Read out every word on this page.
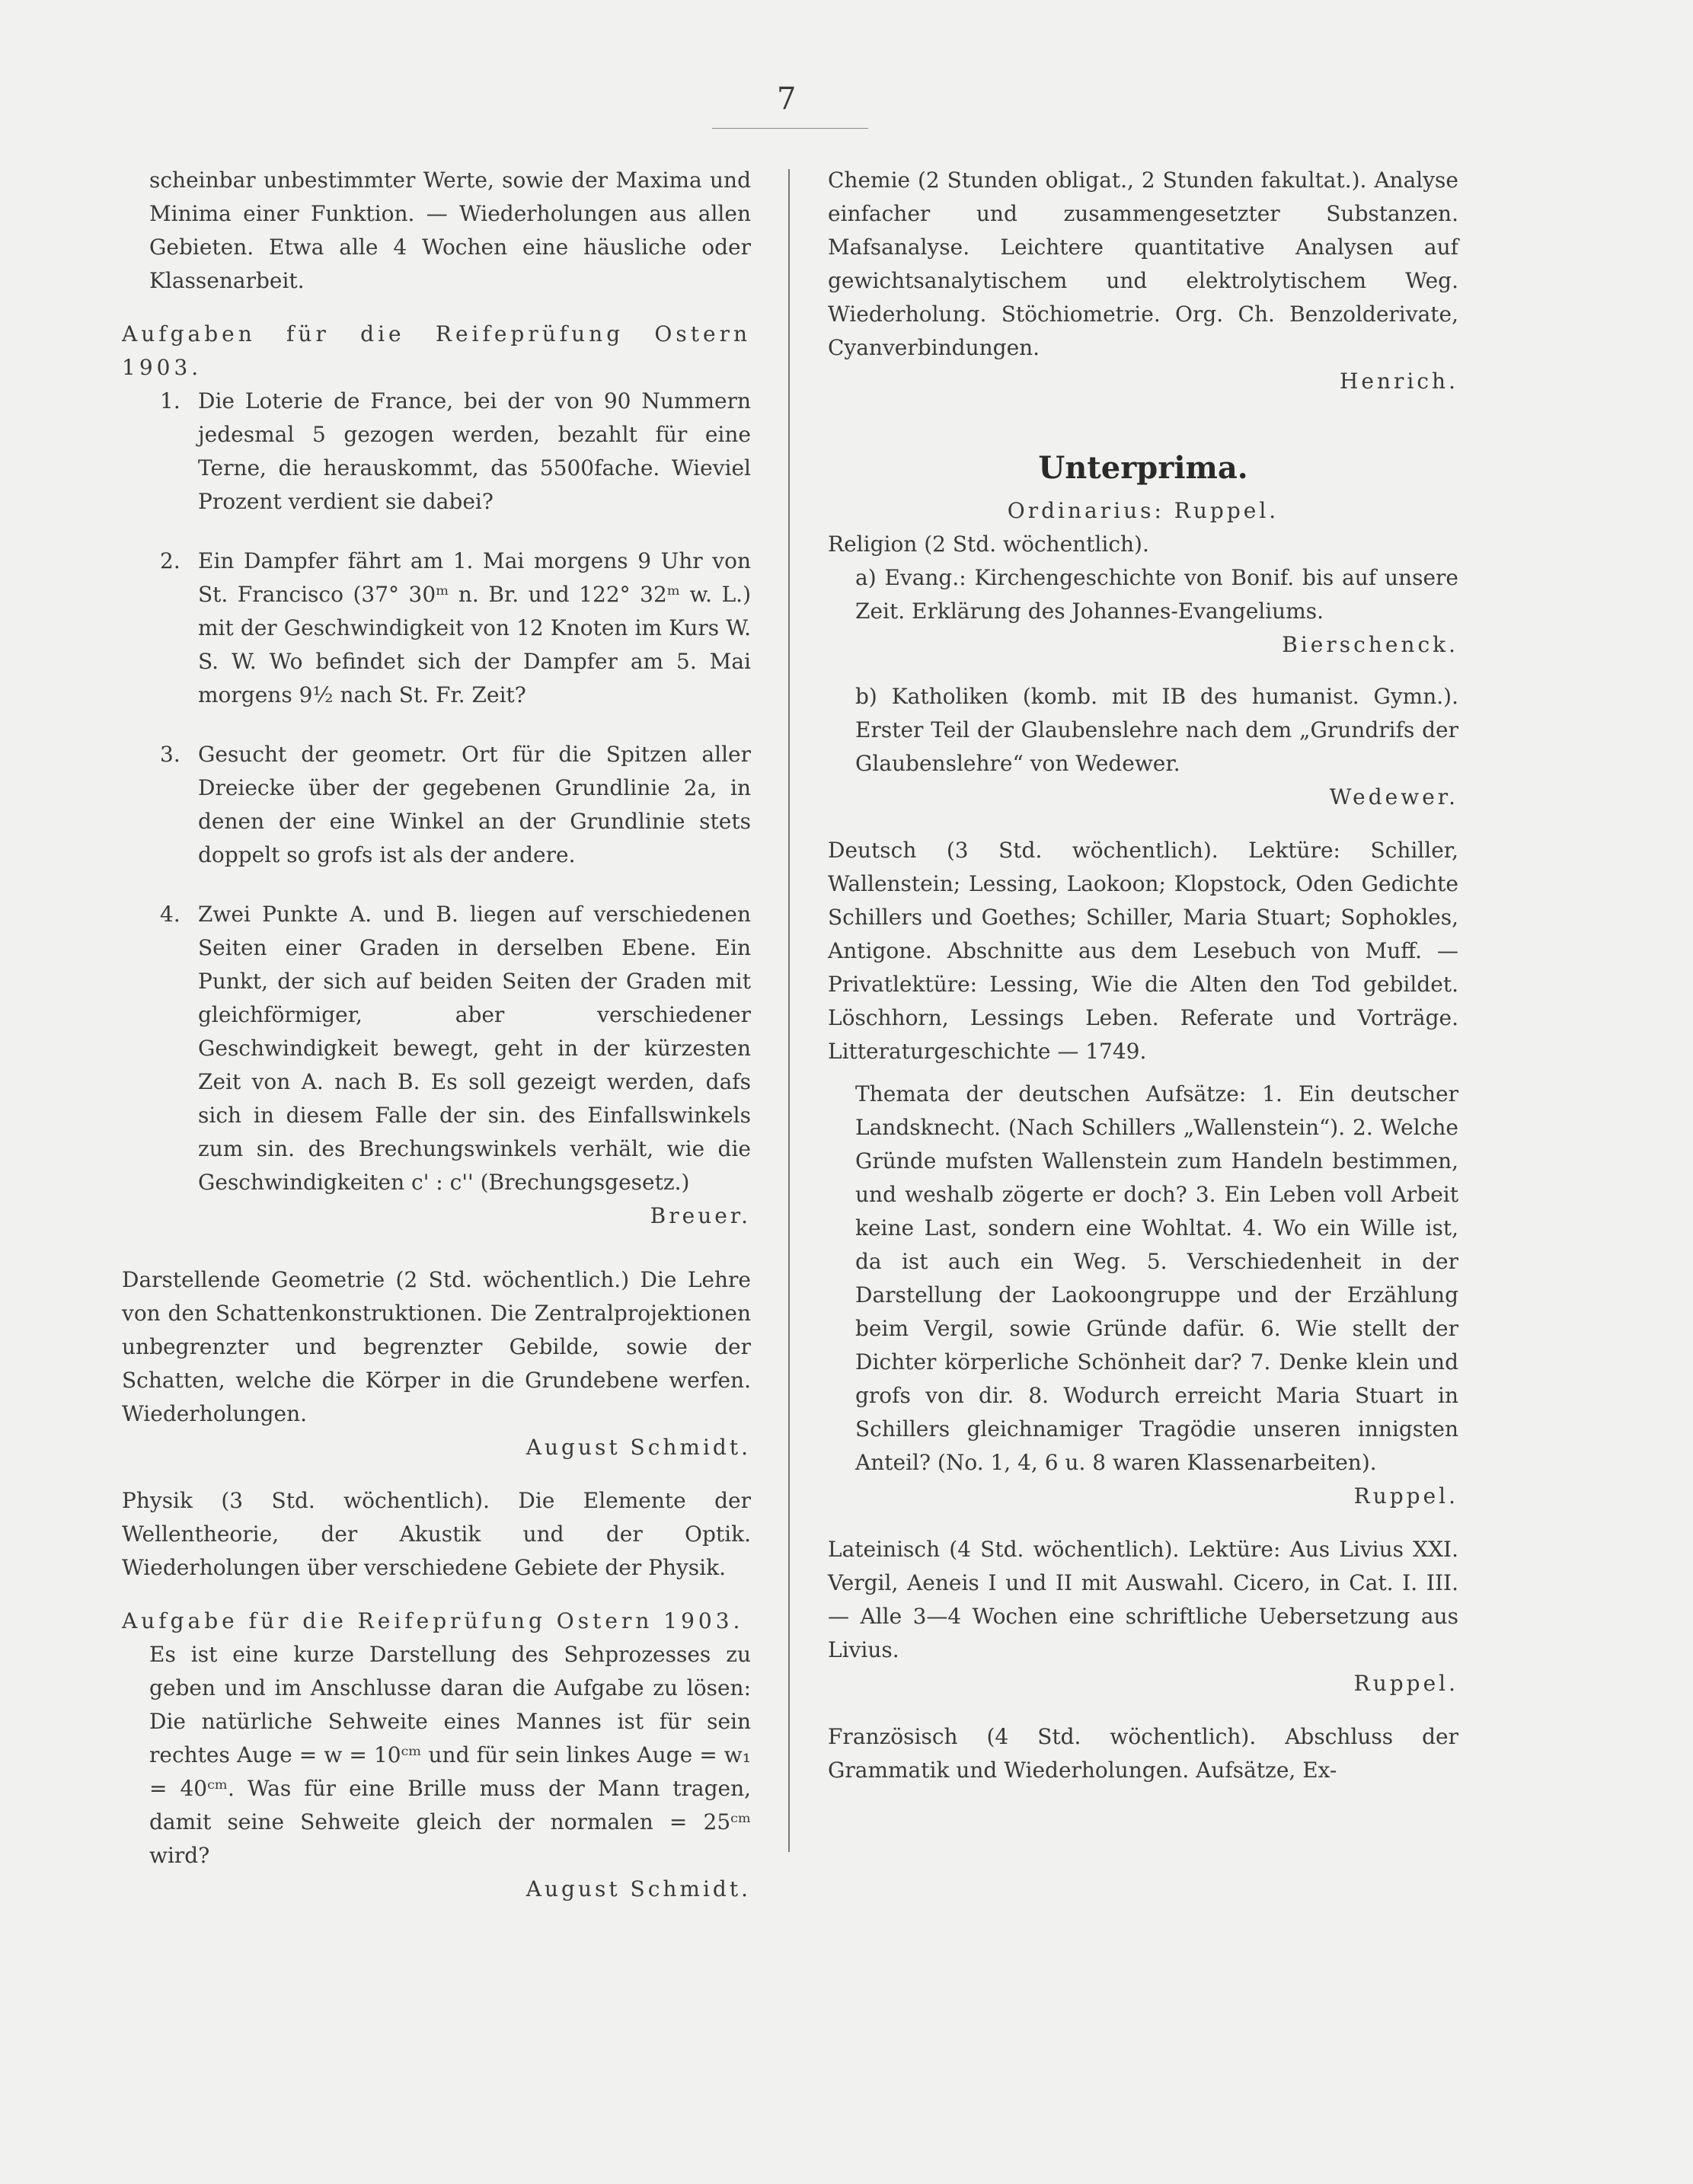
7

scheinbar unbestimmter Werte, sowie der Maxima und Minima einer Funktion. — Wiederholungen aus allen Gebieten. Etwa alle 4 Wochen eine häusliche oder Klassenarbeit.

Aufgaben für die Reifeprüfung Ostern 1903.

1. Die Loterie de France, bei der von 90 Nummern jedesmal 5 gezogen werden, bezahlt für eine Terne, die herauskommt, das 5500fache. Wieviel Prozent verdient sie dabei?

2. Ein Dampfer fährt am 1. Mai morgens 9 Uhr von St. Francisco (37° 30ᵐ n. Br. und 122° 32ᵐ w. L.) mit der Geschwindigkeit von 12 Knoten im Kurs W. S. W. Wo befindet sich der Dampfer am 5. Mai morgens 9½ nach St. Fr. Zeit?

3. Gesucht der geometr. Ort für die Spitzen aller Dreiecke über der gegebenen Grundlinie 2a, in denen der eine Winkel an der Grundlinie stets doppelt so grofs ist als der andere.

4. Zwei Punkte A. und B. liegen auf verschiedenen Seiten einer Graden in derselben Ebene. Ein Punkt, der sich auf beiden Seiten der Graden mit gleichförmiger, aber verschiedener Geschwindigkeit bewegt, geht in der kürzesten Zeit von A. nach B. Es soll gezeigt werden, dafs sich in diesem Falle der sin. des Einfallswinkels zum sin. des Brechungswinkels verhält, wie die Geschwindigkeiten c' : c'' (Brechungsgesetz.)

Breuer.

Darstellende Geometrie (2 Std. wöchentlich.) Die Lehre von den Schattenkonstruktionen. Die Zentralprojektionen unbegrenzter und begrenzter Gebilde, sowie der Schatten, welche die Körper in die Grundebene werfen. Wiederholungen.

August Schmidt.

Physik (3 Std. wöchentlich). Die Elemente der Wellentheorie, der Akustik und der Optik. Wiederholungen über verschiedene Gebiete der Physik.

Aufgabe für die Reifeprüfung Ostern 1903.

Es ist eine kurze Darstellung des Sehprozesses zu geben und im Anschlusse daran die Aufgabe zu lösen: Die natürliche Sehweite eines Mannes ist für sein rechtes Auge = w = 10ᶜᵐ und für sein linkes Auge = w₁ = 40ᶜᵐ. Was für eine Brille muss der Mann tragen, damit seine Sehweite gleich der normalen = 25ᶜᵐ wird?

August Schmidt.

Chemie (2 Stunden obligat., 2 Stunden fakultat.). Analyse einfacher und zusammengesetzter Substanzen. Mafsanalyse. Leichtere quantitative Analysen auf gewichtsanalytischem und elektrolytischem Weg. Wiederholung. Stöchiometrie. Org. Ch. Benzolderivate, Cyanverbindungen.

Henrich.

Unterprima.

Ordinarius: Ruppel.

Religion (2 Std. wöchentlich).

a) Evang.: Kirchengeschichte von Bonif. bis auf unsere Zeit. Erklärung des Johannes-Evangeliums.

Bierschenck.

b) Katholiken (komb. mit IB des humanist. Gymn.). Erster Teil der Glaubenslehre nach dem „Grundrifs der Glaubenslehre“ von Wedewer.

Wedewer.

Deutsch (3 Std. wöchentlich). Lektüre: Schiller, Wallenstein; Lessing, Laokoon; Klopstock, Oden Gedichte Schillers und Goethes; Schiller, Maria Stuart; Sophokles, Antigone. Abschnitte aus dem Lesebuch von Muff. — Privatlektüre: Lessing, Wie die Alten den Tod gebildet. Löschhorn, Lessings Leben. Referate und Vorträge. Litteraturgeschichte — 1749.

Themata der deutschen Aufsätze: 1. Ein deutscher Landsknecht. (Nach Schillers „Wallenstein“). 2. Welche Gründe mufsten Wallenstein zum Handeln bestimmen, und weshalb zögerte er doch? 3. Ein Leben voll Arbeit keine Last, sondern eine Wohltat. 4. Wo ein Wille ist, da ist auch ein Weg. 5. Verschiedenheit in der Darstellung der Laokoongruppe und der Erzählung beim Vergil, sowie Gründe dafür. 6. Wie stellt der Dichter körperliche Schönheit dar? 7. Denke klein und grofs von dir. 8. Wodurch erreicht Maria Stuart in Schillers gleichnamiger Tragödie unseren innigsten Anteil? (No. 1, 4, 6 u. 8 waren Klassenarbeiten).

Ruppel.

Lateinisch (4 Std. wöchentlich). Lektüre: Aus Livius XXI. Vergil, Aeneis I und II mit Auswahl. Cicero, in Cat. I. III. — Alle 3—4 Wochen eine schriftliche Uebersetzung aus Livius.

Ruppel.

Französisch (4 Std. wöchentlich). Abschluss der Grammatik und Wiederholungen. Aufsätze, Ex-
